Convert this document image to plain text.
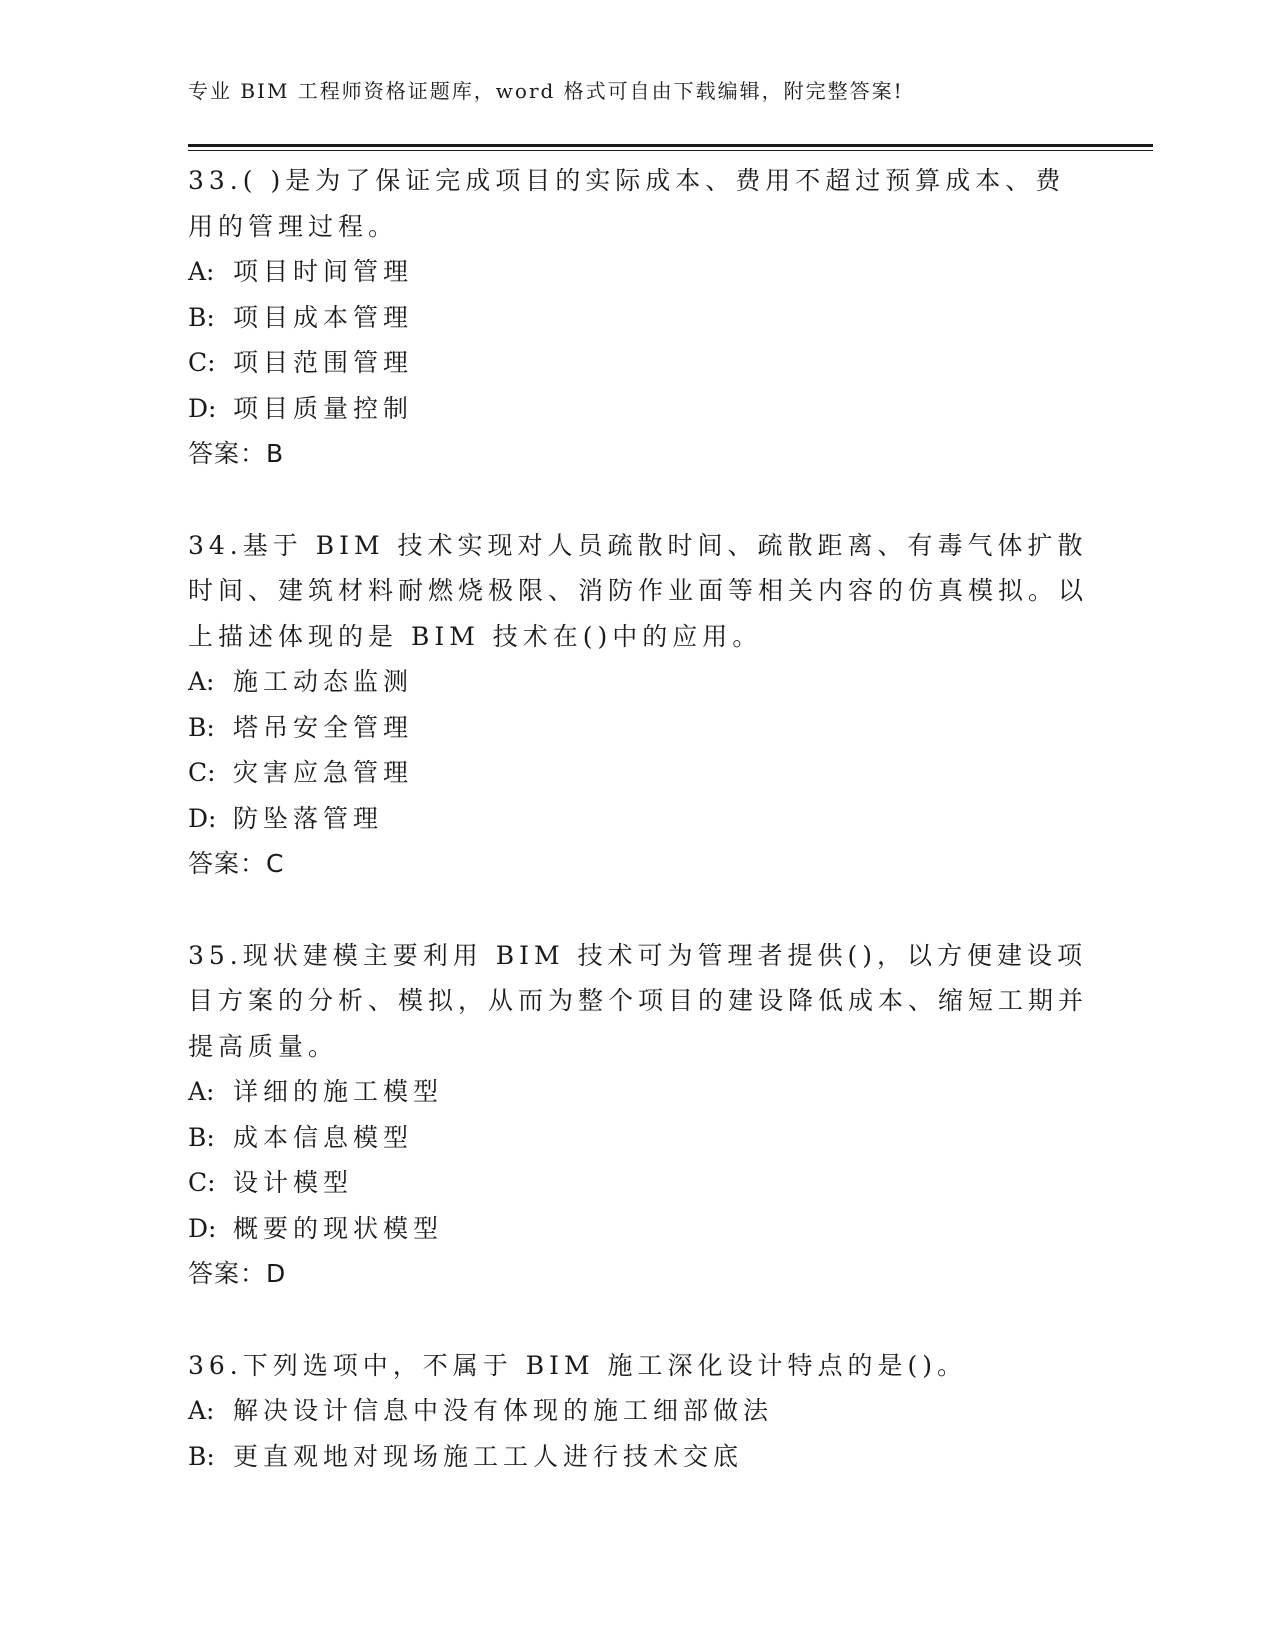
专业 BIM 工程师资格证题库，word 格式可自由下载编辑，附完整答案!

33.( )是为了保证完成项目的实际成本、费用不超过预算成本、费用的管理过程。

A: 项目时间管理
B: 项目成本管理
C: 项目范围管理
D: 项目质量控制

答案：B

34.基于 BIM 技术实现对人员疏散时间、疏散距离、有毒气体扩散时间、建筑材料耐燃烧极限、消防作业面等相关内容的仿真模拟。以上描述体现的是 BIM 技术在()中的应用。

A: 施工动态监测
B: 塔吊安全管理
C: 灾害应急管理
D: 防坠落管理

答案：C

35.现状建模主要利用 BIM 技术可为管理者提供()，以方便建设项目方案的分析、模拟，从而为整个项目的建设降低成本、缩短工期并提高质量。

A: 详细的施工模型
B: 成本信息模型
C: 设计模型
D: 概要的现状模型

答案：D

36.下列选项中，不属于 BIM 施工深化设计特点的是()。

A: 解决设计信息中没有体现的施工细部做法
B: 更直观地对现场施工工人进行技术交底
